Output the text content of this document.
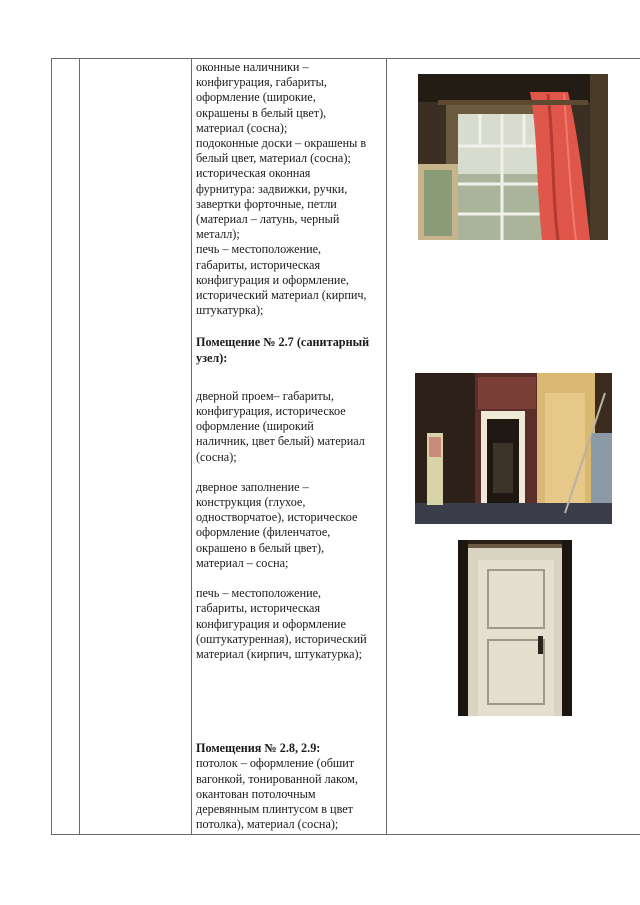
оконные наличники –

конфигурация, габариты,

оформление (широкие,

окрашены в белый цвет),

материал (сосна);

подоконные доски – окрашены в

белый цвет, материал (сосна);

историческая оконная

фурнитура: задвижки, ручки,

завертки форточные, петли

(материал – латунь, черный

металл);

печь – местоположение,

габариты, историческая

конфигурация и оформление,

исторический материал (кирпич,

штукатурка);

Помещение № 2.7 (санитарный

узел):

дверной проем– габариты,

конфигурация, историческое

оформление (широкий

наличник, цвет белый) материал

(сосна);

дверное заполнение –

конструкция (глухое,

одностворчатое), историческое

оформление (филенчатое,

окрашено в белый цвет),

материал – сосна;

печь – местоположение,

габариты, историческая

конфигурация и оформление

(оштукатуренная), исторический

материал (кирпич, штукатурка);

Помещения № 2.8, 2.9:

потолок – оформление (обшит

вагонкой, тонированной лаком,

окантован потолочным

деревянным плинтусом в цвет

потолка), материал (сосна);
